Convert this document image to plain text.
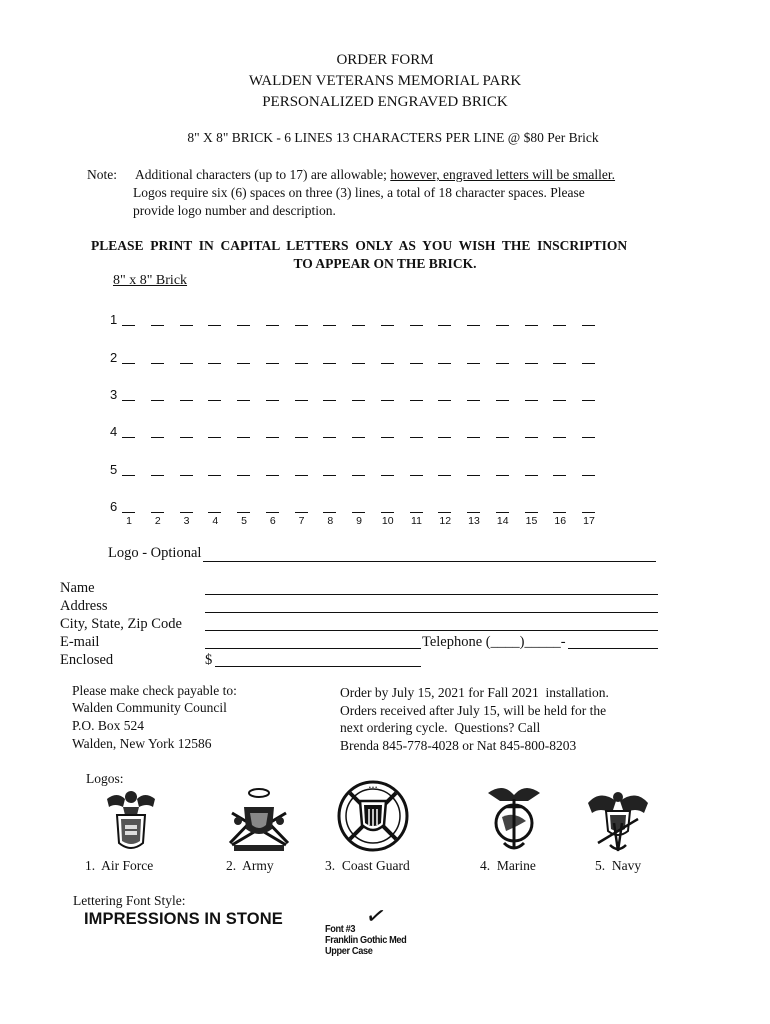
ORDER FORM
WALDEN VETERANS MEMORIAL PARK
PERSONALIZED ENGRAVED BRICK
8" X 8" BRICK - 6 LINES 13 CHARACTERS PER LINE @ $80 Per Brick
Note: Additional characters (up to 17) are allowable; however, engraved letters will be smaller.
Logos require six (6) spaces on three (3) lines, a total of 18 character spaces. Please
provide logo number and description.
PLEASE  PRINT  IN  CAPITAL  LETTERS  ONLY  AS  YOU  WISH  THE  INSCRIPTION
TO APPEAR ON THE BRICK.
8" x 8" Brick
1
2
3
4
5
6
1	2	3	4	5	6	7	8	9	10	11	12	13	14	15	16	17
Logo - Optional
Name
Address
City, State, Zip Code
E-mail	Telephone (____)_____-
Enclosed	$
Please make check payable to:
Walden Community Council
P.O. Box 524
Walden, New York 12586
Order by July 15, 2021 for Fall 2021  installation.
Orders received after July 15, will be held for the
next ordering cycle.  Questions? Call
Brenda 845-778-4028 or Nat 845-800-8203
Logos:
• • •
1.  Air Force	2.  Army	3.  Coast Guard	4.  Marine	5.  Navy
Lettering Font Style:
IMPRESSIONS IN STONE	✓
Font #3
Franklin Gothic Med
Upper Case
